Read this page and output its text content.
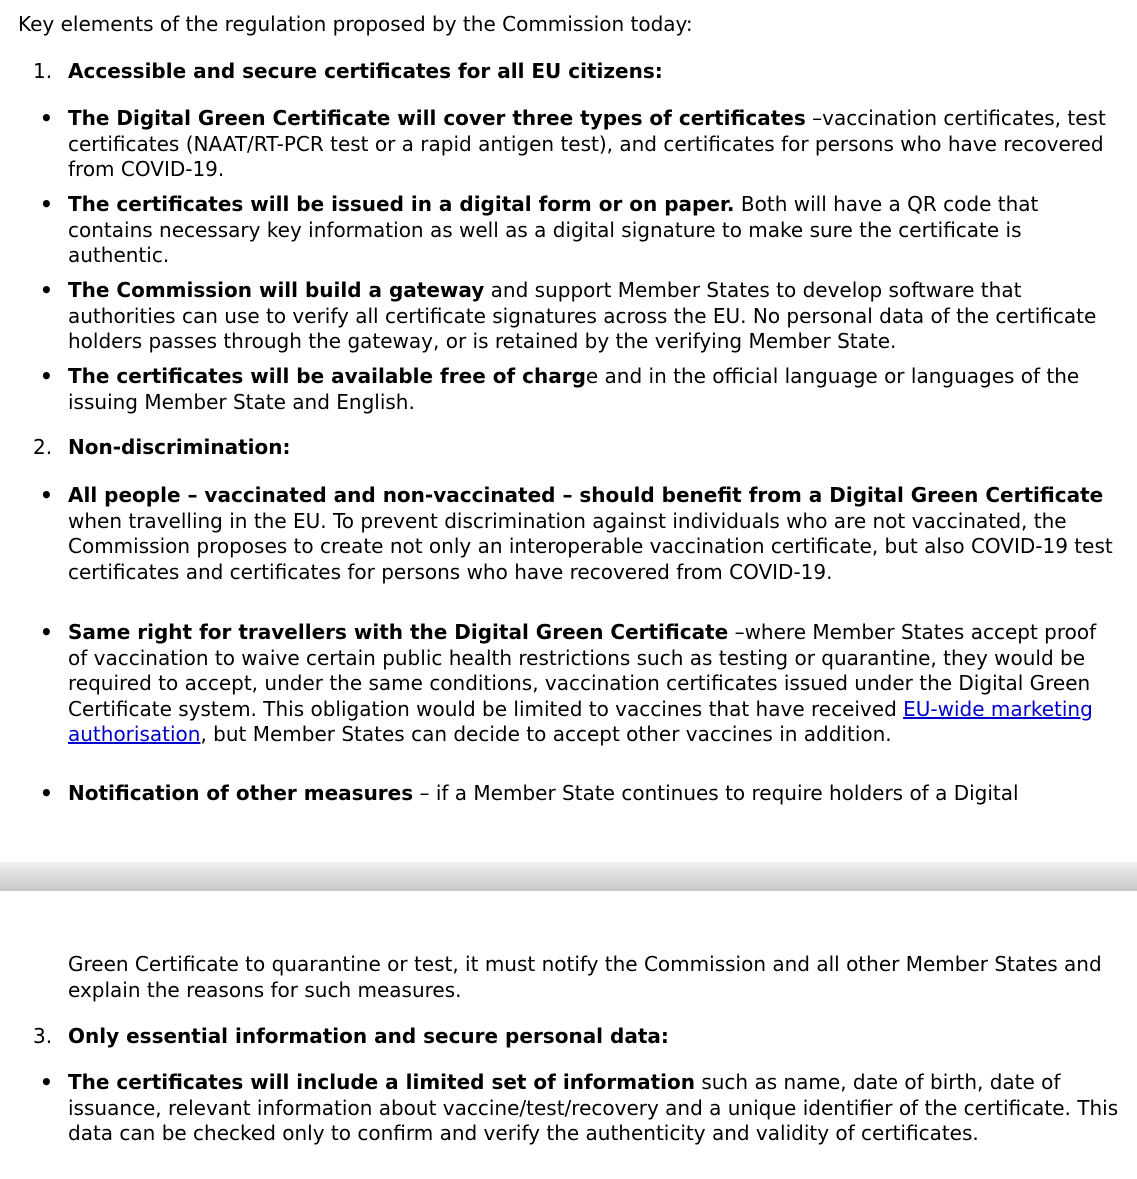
Key elements of the regulation proposed by the Commission today:
1. Accessible and secure certificates for all EU citizens:
• The Digital Green Certificate will cover three types of certificates –vaccination certificates, test certificates (NAAT/RT-PCR test or a rapid antigen test), and certificates for persons who have recovered from COVID-19.
• The certificates will be issued in a digital form or on paper. Both will have a QR code that contains necessary key information as well as a digital signature to make sure the certificate is authentic.
• The Commission will build a gateway and support Member States to develop software that authorities can use to verify all certificate signatures across the EU. No personal data of the certificate holders passes through the gateway, or is retained by the verifying Member State.
• The certificates will be available free of charge and in the official language or languages of the issuing Member State and English.
2. Non-discrimination:
• All people – vaccinated and non-vaccinated – should benefit from a Digital Green Certificate when travelling in the EU. To prevent discrimination against individuals who are not vaccinated, the Commission proposes to create not only an interoperable vaccination certificate, but also COVID-19 test certificates and certificates for persons who have recovered from COVID-19.
• Same right for travellers with the Digital Green Certificate –where Member States accept proof of vaccination to waive certain public health restrictions such as testing or quarantine, they would be required to accept, under the same conditions, vaccination certificates issued under the Digital Green Certificate system. This obligation would be limited to vaccines that have received EU-wide marketing authorisation, but Member States can decide to accept other vaccines in addition.
• Notification of other measures – if a Member State continues to require holders of a Digital
Green Certificate to quarantine or test, it must notify the Commission and all other Member States and explain the reasons for such measures.
3. Only essential information and secure personal data:
• The certificates will include a limited set of information such as name, date of birth, date of issuance, relevant information about vaccine/test/recovery and a unique identifier of the certificate. This data can be checked only to confirm and verify the authenticity and validity of certificates.
